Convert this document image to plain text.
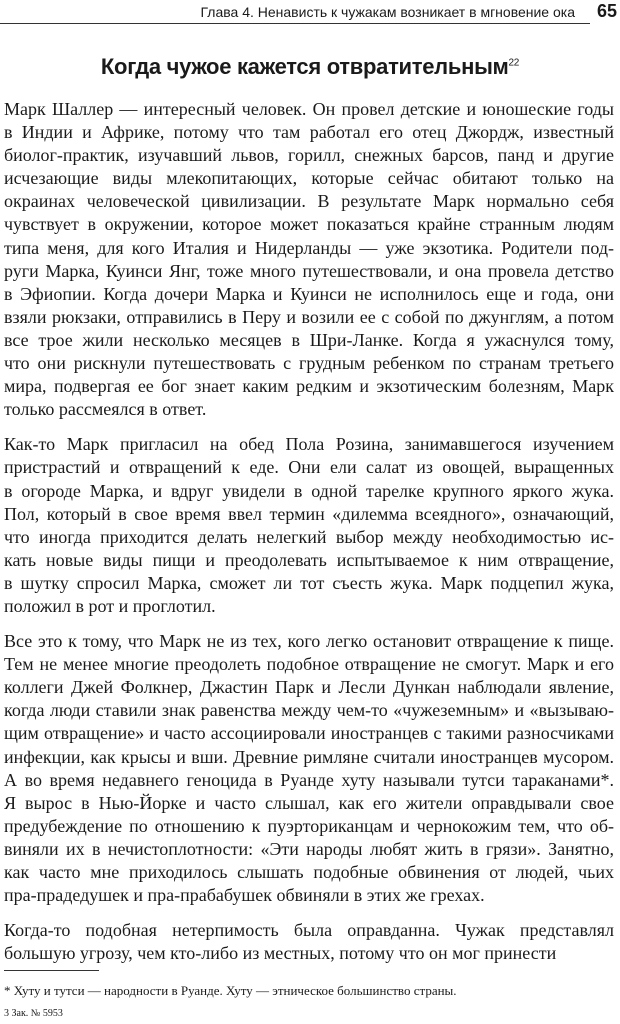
Глава 4. Ненависть к чужакам возникает в мгновение ока 65
Когда чужое кажется отвратительным$^{22}$
Марк Шаллер — интересный человек. Он провел детские и юношеские годы
в Индии и Африке, потому что там работал его отец Джордж, известный
биолог-практик, изучавший львов, горилл, снежных барсов, панд и другие
исчезающие виды млекопитающих, которые сейчас обитают только на
окраинах человеческой цивилизации. В результате Марк нормально себя
чувствует в окружении, которое может показаться крайне странным людям
типа меня, для кого Италия и Нидерланды — уже экзотика. Родители под-
руги Марка, Куинси Янг, тоже много путешествовали, и она провела детство
в Эфиопии. Когда дочери Марка и Куинси не исполнилось еще и года, они
взяли рюкзаки, отправились в Перу и возили ее с собой по джунглям, а потом
все трое жили несколько месяцев в Шри-Ланке. Когда я ужаснулся тому,
что они рискнули путешествовать с грудным ребенком по странам третьего
мира, подвергая ее бог знает каким редким и экзотическим болезням, Марк
только рассмеялся в ответ.
Как-то Марк пригласил на обед Пола Розина, занимавшегося изучением
пристрастий и отвращений к еде. Они ели салат из овощей, выращенных
в огороде Марка, и вдруг увидели в одной тарелке крупного яркого жука.
Пол, который в свое время ввел термин «дилемма всеядного», означающий,
что иногда приходится делать нелегкий выбор между необходимостью ис-
кать новые виды пищи и преодолевать испытываемое к ним отвращение,
в шутку спросил Марка, сможет ли тот съесть жука. Марк подцепил жука,
положил в рот и проглотил.
Все это к тому, что Марк не из тех, кого легко остановит отвращение к пище.
Тем не менее многие преодолеть подобное отвращение не смогут. Марк и его
коллеги Джей Фолкнер, Джастин Парк и Лесли Дункан наблюдали явление,
когда люди ставили знак равенства между чем-то «чужеземным» и «вызываю-
щим отвращение» и часто ассоциировали иностранцев с такими разносчиками
инфекции, как крысы и вши. Древние римляне считали иностранцев мусором.
А во время недавнего геноцида в Руанде хуту называли тутси тараканами*.
Я вырос в Нью-Йорке и часто слышал, как его жители оправдывали свое
предубеждение по отношению к пуэрториканцам и чернокожим тем, что об-
виняли их в нечистоплотности: «Эти народы любят жить в грязи». Занятно,
как часто мне приходилось слышать подобные обвинения от людей, чьих
пра-прадедушек и пра-прабабушек обвиняли в этих же грехах.
Когда-то подобная нетерпимость была оправданна. Чужак представлял
большую угрозу, чем кто-либо из местных, потому что он мог принести
* Хуту и тутси — народности в Руанде. Хуту — этническое большинство страны.
3 Зак. № 5953
